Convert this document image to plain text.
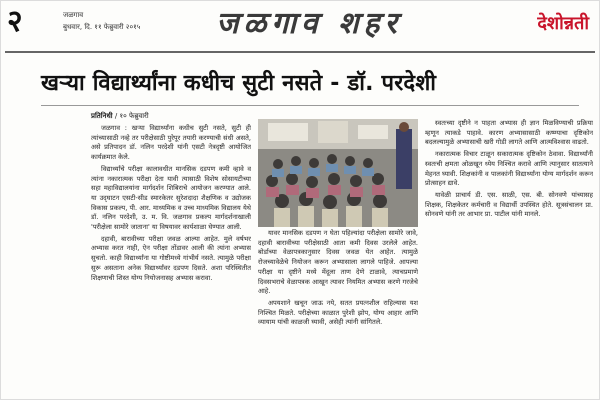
२	जळगाव
बुधवार, दि. ११ फेब्रुवारी २०१५	जळगाव शहर	देशोन्नती
खऱ्या विद्यार्थ्यांना कधीच सुटी नसते - डॉ. परदेशी
प्रतिनिधी / १० फेब्रुवारी

जळगाव : खऱ्या विद्यार्थ्यांना कधीच सुटी नसते, सुटी ही त्यांच्यासाठी नव्हे तर परीक्षेसाठी पुरेपूर तयारी करण्याची संधी असते, असे प्रतिपादन डॉ. नलिन परदेशी यांनी एसटी नेत्रदृष्टी आयोजित कार्यक्रमात केले.

विद्यार्थ्यांचे परीक्षा कालावधीत मानसिक दडपण कमी व्हावे व त्यांना नकारात्मक परीक्षा देता यावी त्यासाठी विशेष सोसायटीच्या सहा महाविद्यालयांना मार्गदर्शन शिबिराचे आयोजन करण्यात आले. या उद्‌घाटन एसटी-सीड स्मारकेतर सुरेशदादा शैक्षणिक व उद्योजक विकास प्रकल्प, पी. आर. माध्यमिक व उच्च माध्यमिक विद्यालय येथे डॉ. नलिन परदेशी, उ. म. वि. जळगाव प्रकल्प मार्गदर्शनाखाली 'परीक्षेला सामोरे जाताना' या विषयावर कार्यशाळा घेण्यात आली.

दहावी, बारावीच्या परीक्षा जवळ आल्या आहेत. मुले वर्षभर अभ्यास करत नाही, ऐन परीक्षा तोंडावर आली की त्यांना अभ्यास सुचतो. काही विद्यार्थ्यांना या गोष्टीमध्ये गांभीर्य नसते. त्यामुळे परीक्षा सुरू असताना अनेक विद्यार्थ्यांवर दडपण दिसते. अशा परिस्थितीत शिक्षणाची शिस्त योग्य नियोजनासह अभ्यास करावा.

यावर मानसिक दडपण न घेता पहिल्यांदा परीक्षेला सामोरे जावे, दहावी बारावीच्या परीक्षेसाठी आता कमी दिवस उरलेले आहेत. बोर्डाच्या वेळापत्रकानुसार दिवस जवळ येत आहेत. त्यामुळे रोजच्यावेळेचे नियोजन करून अभ्यासाला लागले पाहिजे. आपल्या परीक्षा या दृष्टीने मध्ये मेंदूला ताण देणे टाळावे, त्याचप्रमाणे दिवसभराचे वेळापत्रक आखून त्यावर नियमित अभ्यास करणे गरजेचे आहे.

अपयशाने खचून जाऊ नये, सतत प्रयत्नशील राहिल्यास यश निश्चित मिळते. परीक्षेच्या काळात पुरेशी झोप, योग्य आहार आणि व्यायाम यांची काळजी घ्यावी, असेही त्यांनी सांगितले.

स्वतःच्या दृष्टीने न पाहता अभ्यास ही ज्ञान मिळविण्याची प्रक्रिया म्हणून त्याकडे पाहावे. कारण अभ्यासासाठी कष्ण्याचा दृष्टिकोन बदलल्यामुळे अभ्यासाची खरी गोडी लागते आणि आत्मविश्वास वाढतो.

नकारात्मक विचार टाळून सकारात्मक दृष्टिकोन ठेवावा. विद्यार्थ्यांनी स्वतःची क्षमता ओळखून ध्येय निश्चित करावे आणि त्यानुसार सातत्याने मेहनत घ्यावी. शिक्षकांनी व पालकांनी विद्यार्थ्यांना योग्य मार्गदर्शन करून प्रोत्साहन द्यावे.

यावेळी प्राचार्य डी. एस. साळी, एस. बी. सोनवणे यांच्यासह शिक्षक, शिक्षकेतर कर्मचारी व विद्यार्थी उपस्थित होते. सूत्रसंचालन प्रा. सोनवणे यांनी तर आभार प्रा. पाटील यांनी मानले.
